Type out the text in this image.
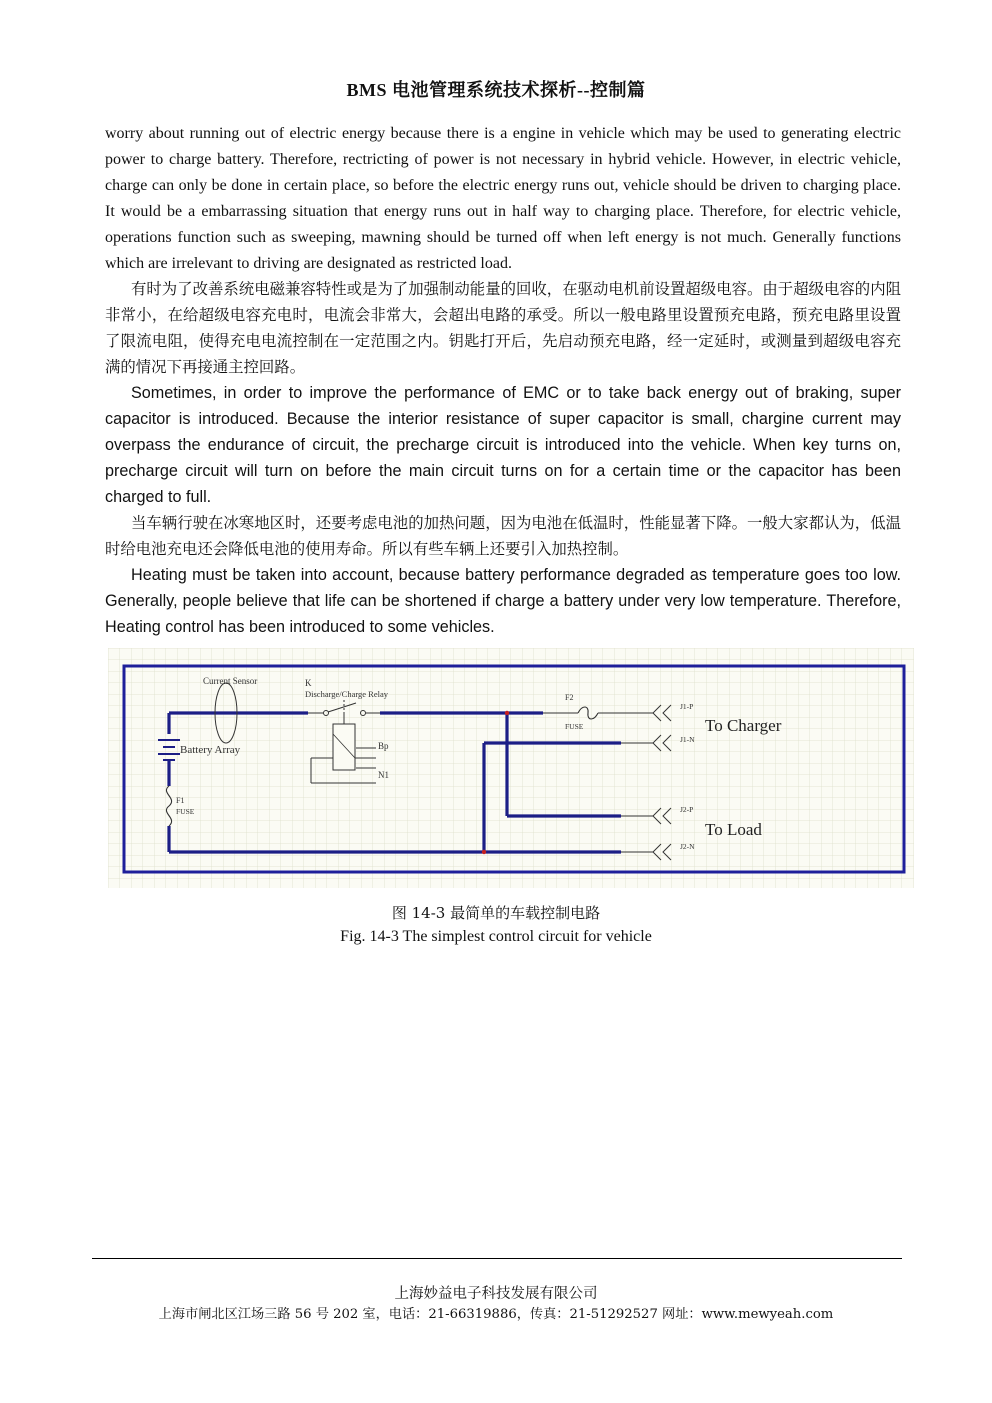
BMS 电池管理系统技术探析--控制篇
worry about running out of electric energy because there is a engine in vehicle which may be used to generating electric power to charge battery. Therefore, rectricting of power is not necessary in hybrid vehicle. However, in electric vehicle, charge can only be done in certain place, so before the electric energy runs out, vehicle should be driven to charging place. It would be a embarrassing situation that energy runs out in half way to charging place. Therefore, for electric vehicle, operations function such as sweeping, mawning should be turned off when left energy is not much. Generally functions which are irrelevant to driving are designated as restricted load.
有时为了改善系统电磁兼容特性或是为了加强制动能量的回收，在驱动电机前设置超级电容。由于超级电容的内阻非常小，在给超级电容充电时，电流会非常大，会超出电路的承受。所以一般电路里设置预充电路，预充电路里设置了限流电阻，使得充电电流控制在一定范围之内。钥匙打开后，先启动预充电路，经一定延时，或测量到超级电容充满的情况下再接通主控回路。
Sometimes, in order to improve the performance of EMC or to take back energy out of braking, super capacitor is introduced. Because the interior resistance of super capacitor is small, chargine current may overpass the endurance of circuit, the precharge circuit is introduced into the vehicle. When key turns on, precharge circuit will turn on before the main circuit turns on for a certain time or the capacitor has been charged to full.
当车辆行驶在冰寒地区时，还要考虑电池的加热问题，因为电池在低温时，性能显著下降。一般大家都认为，低温时给电池充电还会降低电池的使用寿命。所以有些车辆上还要引入加热控制。
Heating must be taken into account, because battery performance degraded as temperature goes too low. Generally, people believe that life can be shortened if charge a battery under very low temperature. Therefore, Heating control has been introduced to some vehicles.
Current Sensor	K
Discharge/Charge Relay
Bp
N1
Battery Array
F1
FUSE
F2
FUSE
J1-P
J1-N
J2-P
J2-N
To Charger
To Load
图 14-3 最简单的车载控制电路
Fig. 14-3 The simplest control circuit for vehicle
上海妙益电子科技发展有限公司
上海市闸北区江场三路 56 号 202 室，电话：21-66319886，传真：21-51292527 网址：www.mewyeah.com
